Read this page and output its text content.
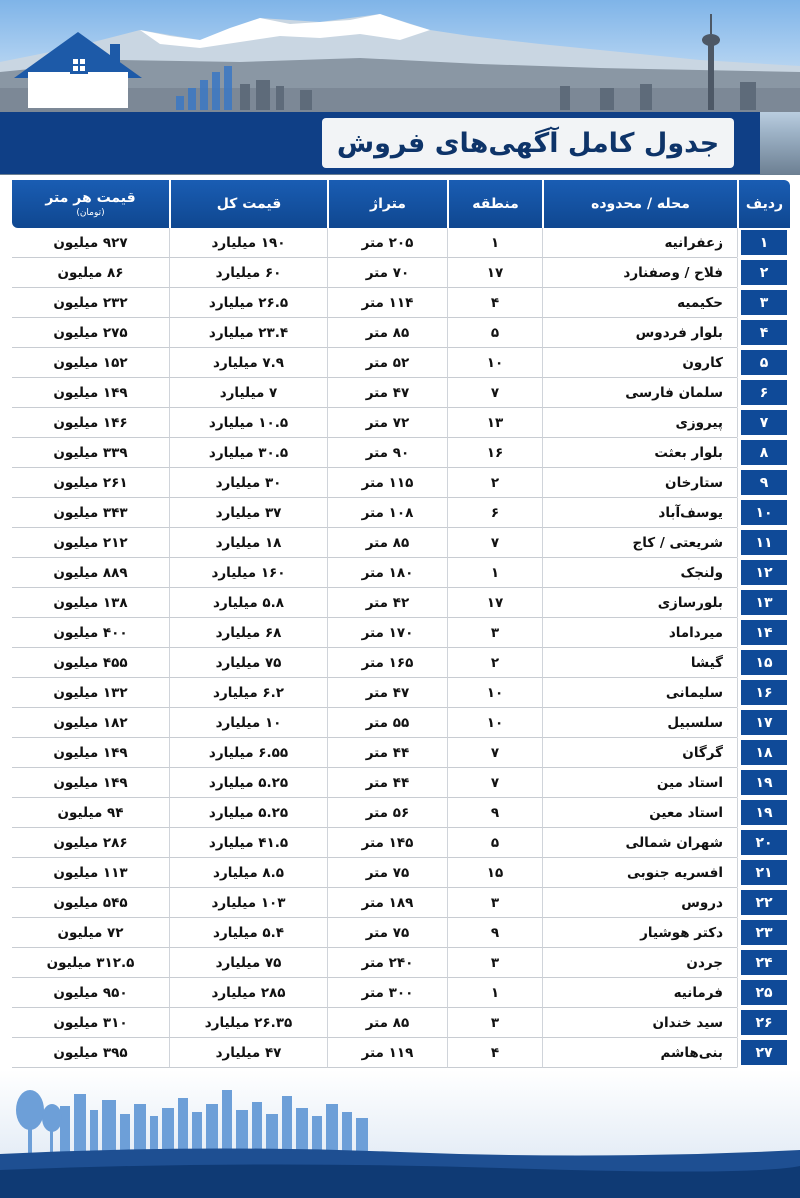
جدول کامل آگهی‌های فروش
ردیف	محله / محدوده	منطقه	متراژ	قیمت کل	قیمت هر متر
(تومان)

۱	زعفرانیه	۱	۲۰۵ متر	۱۹۰ میلیارد	۹۲۷ میلیون

۲	فلاح / وصفنارد	۱۷	۷۰ متر	۶۰ میلیارد	۸۶ میلیون

۳	حکیمیه	۴	۱۱۴ متر	۲۶.۵ میلیارد	۲۳۲ میلیون

۴	بلوار فردوس	۵	۸۵ متر	۲۳.۴ میلیارد	۲۷۵ میلیون

۵	کارون	۱۰	۵۲ متر	۷.۹ میلیارد	۱۵۲ میلیون

۶	سلمان فارسی	۷	۴۷ متر	۷ میلیارد	۱۴۹ میلیون

۷	پیروزی	۱۳	۷۲ متر	۱۰.۵ میلیارد	۱۴۶ میلیون

۸	بلوار بعثت	۱۶	۹۰ متر	۳۰.۵ میلیارد	۳۳۹ میلیون

۹	ستارخان	۲	۱۱۵ متر	۳۰ میلیارد	۲۶۱ میلیون

۱۰	یوسف‌آباد	۶	۱۰۸ متر	۳۷ میلیارد	۳۴۳ میلیون

۱۱	شریعتی / کاج	۷	۸۵ متر	۱۸ میلیارد	۲۱۲ میلیون

۱۲	ولنجک	۱	۱۸۰ متر	۱۶۰ میلیارد	۸۸۹ میلیون

۱۳	بلورسازی	۱۷	۴۲ متر	۵.۸ میلیارد	۱۳۸ میلیون

۱۴	میرداماد	۳	۱۷۰ متر	۶۸ میلیارد	۴۰۰ میلیون

۱۵	گیشا	۲	۱۶۵ متر	۷۵ میلیارد	۴۵۵ میلیون

۱۶	سلیمانی	۱۰	۴۷ متر	۶.۲ میلیارد	۱۳۲ میلیون

۱۷	سلسبیل	۱۰	۵۵ متر	۱۰ میلیارد	۱۸۲ میلیون

۱۸	گرگان	۷	۴۴ متر	۶.۵۵ میلیارد	۱۴۹ میلیون

۱۹	استاد مین	۷	۴۴ متر	۵.۲۵ میلیارد	۱۴۹ میلیون

۱۹	استاد معین	۹	۵۶ متر	۵.۲۵ میلیارد	۹۴ میلیون

۲۰	شهران شمالی	۵	۱۴۵ متر	۴۱.۵ میلیارد	۲۸۶ میلیون

۲۱	افسریه جنوبی	۱۵	۷۵ متر	۸.۵ میلیارد	۱۱۳ میلیون

۲۲	دروس	۳	۱۸۹ متر	۱۰۳ میلیارد	۵۴۵ میلیون

۲۳	دکتر هوشیار	۹	۷۵ متر	۵.۴ میلیارد	۷۲ میلیون

۲۴	جردن	۳	۲۴۰ متر	۷۵ میلیارد	۳۱۲.۵ میلیون

۲۵	فرمانیه	۱	۳۰۰ متر	۲۸۵ میلیارد	۹۵۰ میلیون

۲۶	سید خندان	۳	۸۵ متر	۲۶.۳۵ میلیارد	۳۱۰ میلیون

۲۷	بنی‌هاشم	۴	۱۱۹ متر	۴۷ میلیارد	۳۹۵ میلیون
